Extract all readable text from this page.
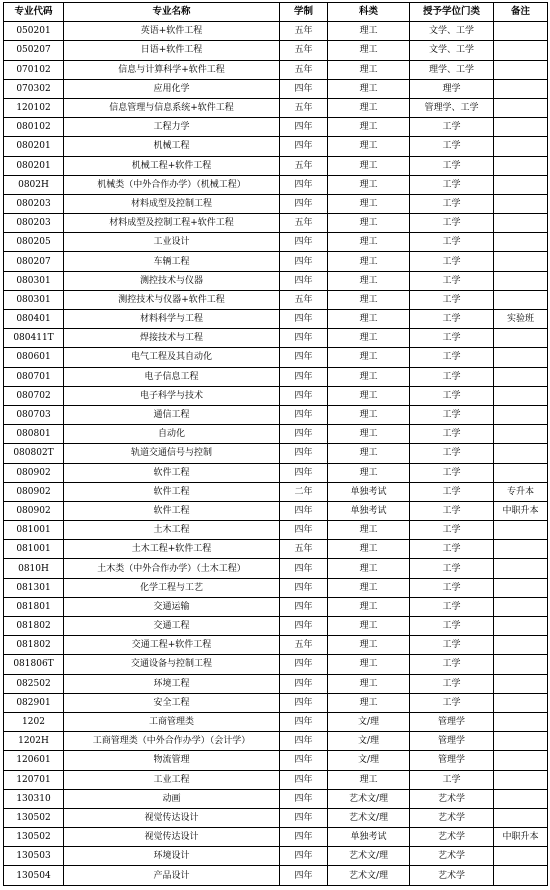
专业代码	专业名称	学制	科类	授予学位门类	备注
050201	英语+软件工程	五年	理工	文学、工学	
050207	日语+软件工程	五年	理工	文学、工学	
070102	信息与计算科学+软件工程	五年	理工	理学、工学	
070302	应用化学	四年	理工	理学	
120102	信息管理与信息系统+软件工程	五年	理工	管理学、工学	
080102	工程力学	四年	理工	工学	
080201	机械工程	四年	理工	工学	
080201	机械工程+软件工程	五年	理工	工学	
0802H	机械类（中外合作办学）（机械工程）	四年	理工	工学	
080203	材料成型及控制工程	四年	理工	工学	
080203	材料成型及控制工程+软件工程	五年	理工	工学	
080205	工业设计	四年	理工	工学	
080207	车辆工程	四年	理工	工学	
080301	测控技术与仪器	四年	理工	工学	
080301	测控技术与仪器+软件工程	五年	理工	工学	
080401	材料科学与工程	四年	理工	工学	实验班
080411T	焊接技术与工程	四年	理工	工学	
080601	电气工程及其自动化	四年	理工	工学	
080701	电子信息工程	四年	理工	工学	
080702	电子科学与技术	四年	理工	工学	
080703	通信工程	四年	理工	工学	
080801	自动化	四年	理工	工学	
080802T	轨道交通信号与控制	四年	理工	工学	
080902	软件工程	四年	理工	工学	
080902	软件工程	二年	单独考试	工学	专升本
080902	软件工程	四年	单独考试	工学	中职升本
081001	土木工程	四年	理工	工学	
081001	土木工程+软件工程	五年	理工	工学	
0810H	土木类（中外合作办学）（土木工程）	四年	理工	工学	
081301	化学工程与工艺	四年	理工	工学	
081801	交通运输	四年	理工	工学	
081802	交通工程	四年	理工	工学	
081802	交通工程+软件工程	五年	理工	工学	
081806T	交通设备与控制工程	四年	理工	工学	
082502	环境工程	四年	理工	工学	
082901	安全工程	四年	理工	工学	
1202	工商管理类	四年	文/理	管理学	
1202H	工商管理类（中外合作办学）（会计学）	四年	文/理	管理学	
120601	物流管理	四年	文/理	管理学	
120701	工业工程	四年	理工	工学	
130310	动画	四年	艺术文/理	艺术学	
130502	视觉传达设计	四年	艺术文/理	艺术学	
130502	视觉传达设计	四年	单独考试	艺术学	中职升本
130503	环境设计	四年	艺术文/理	艺术学	
130504	产品设计	四年	艺术文/理	艺术学	
